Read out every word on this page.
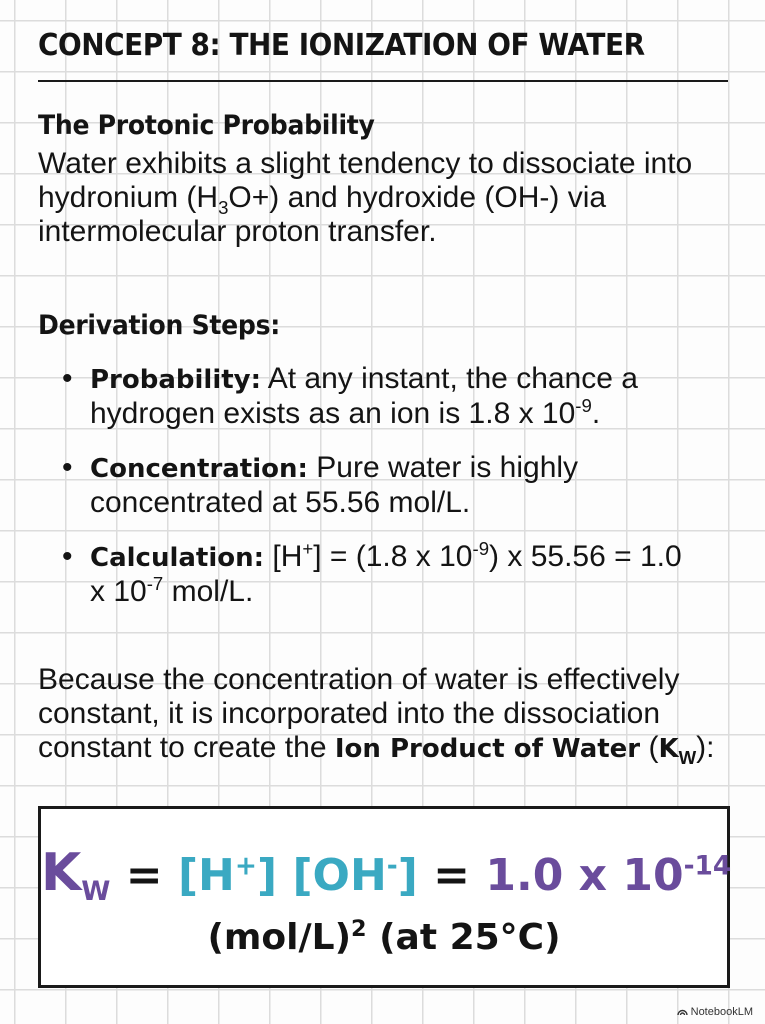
CONCEPT 8: THE IONIZATION OF WATER
The Protonic Probability
Water exhibits a slight tendency to dissociate into
hydronium $(H_3O+)$ and hydroxide (OH-) via
intermolecular proton transfer.
Derivation Steps:
• Probability: At any instant, the chance a hydrogen exists as an ion is 1.8 x $10^{-9}$.
• Concentration: Pure water is highly concentrated at 55.56 mol/L.
• Calculation: [H+] = (1.8 x $10^{-9}$) x 55.56 = 1.0 x $10^{-7}$ mol/L.
Because the concentration of water is effectively constant, it is incorporated into the dissociation constant to create the Ion Product of Water $(K_W)$:
$K_W = [H^+] [OH^-] = 1.0$ x $10^{-14}$
$(mol/L)^2$ (at 25°C)
NotebookLM
